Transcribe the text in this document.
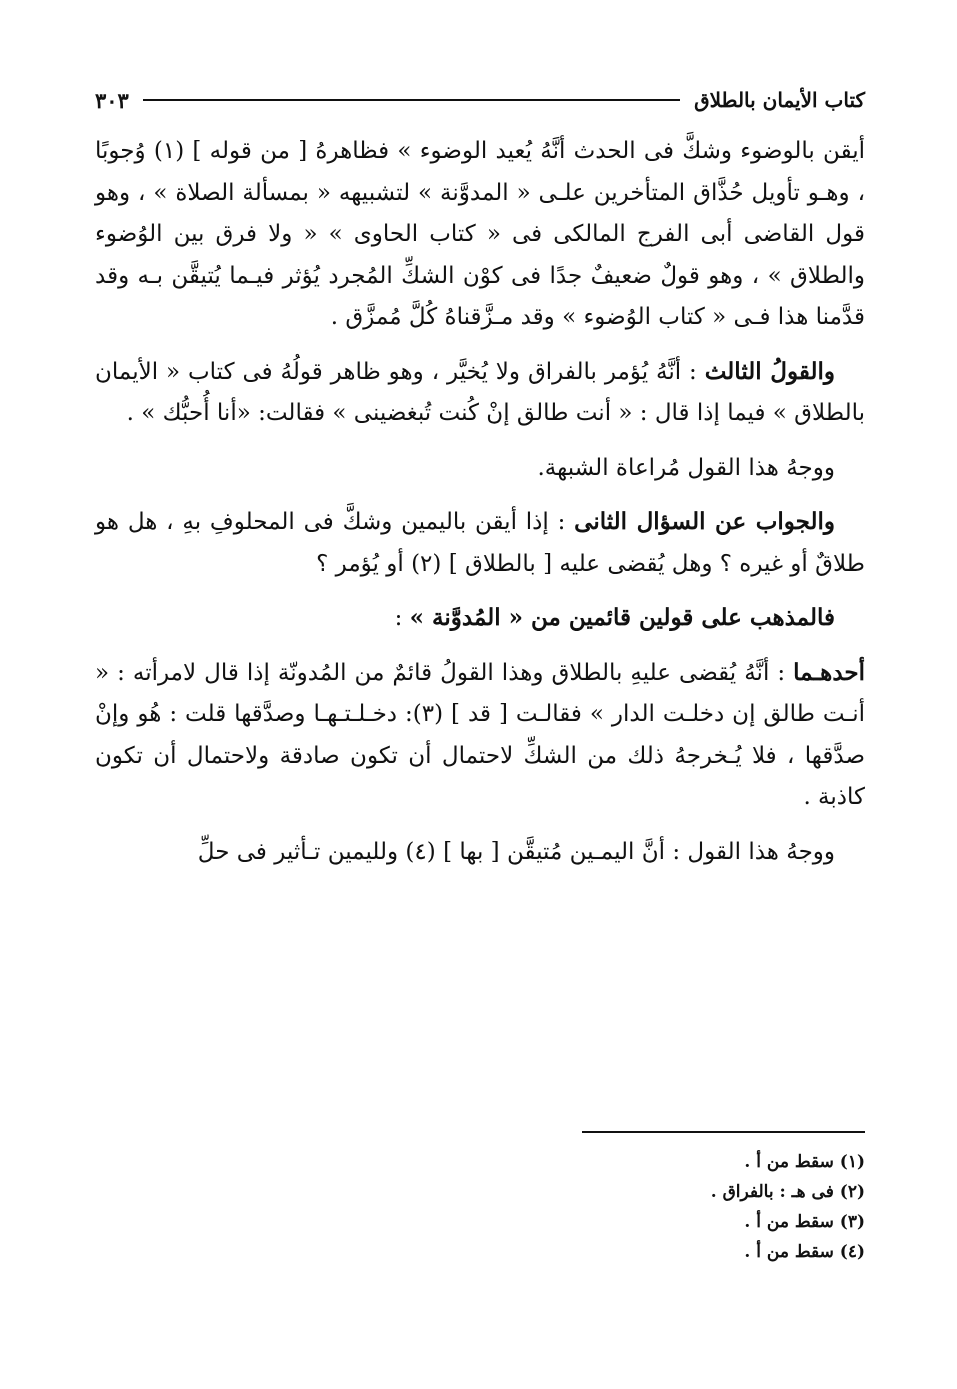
كتاب الأيمان بالطلاق
٣٠٣

أيقن بالوضوء وشكَّ فى الحدث أنَّهُ يُعيد الوضوء » فظاهرهُ [ من قوله ] (١) وُجوبًا ، وهـو تأويل حُذَّاق المتأخرين علـى « المدوَّنة » لتشبيهه « بمسألة الصلاة » ، وهو قول القاضى أبى الفرج المالكى فى « كتاب الحاوى » « ولا فرق بين الوُضوء والطلاق » ، وهو قولٌ ضعيفٌ جدًا فى كوْن الشكِّ المُجرد يُؤثر فيـما يُتيقَّن بـه وقد قدَّمنا هذا فـى « كتاب الوُضوء » وقد مـزَّقناهُ كُلَّ مُمزَّق .

والقولُ الثالث : أنَّهُ يُؤمر بالفراق ولا يُخيَّر ، وهو ظاهر قولُهُ فى كتاب « الأيمان بالطلاق » فيما إذا قال : « أنت طالق إنْ كُنت تُبغضينى » فقالت: «أنا أُحبُّك » .

ووجهُ هذا القول مُراعاة الشبهة.

والجواب عن السؤال الثانى : إذا أيقن باليمين وشكَّ فى المحلوفِ بهِ ، هل هو طلاقٌ أو غيره ؟ وهل يُقضى عليه [ بالطلاق ] (٢) أو يُؤمر ؟

فالمذهب على قولين قائمين من « المُدوَّنة » :

أحدهـما : أنَّهُ يُقضى عليهِ بالطلاق وهذا القولُ قائمٌ من المُدونّة إذا قال لامرأته : « أنـت طالق إن دخلـت الدار » فقالـت [ قد ] (٣): دخـلـتـهـا وصدَّقها قلت : هُو وإنْ صدَّقها ، فلا يُـخرجهُ ذلك من الشكِّ لاحتمال أن تكون صادقة ولاحتمال أن تكون كاذبة .

ووجهُ هذا القول : أنَّ اليمـين مُتيقَّن [ بها ] (٤) ولليمين تـأثير فى حلِّ

(١) سقط من أ .
(٢) فى هـ : بالفراق .
(٣) سقط من أ .
(٤) سقط من أ .
